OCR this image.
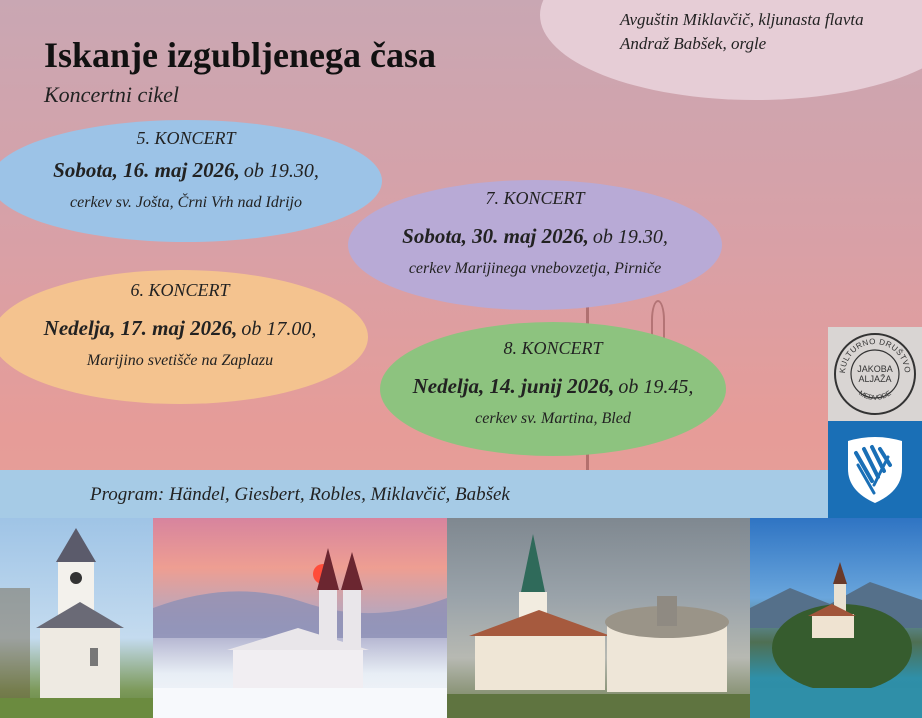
Avguštin Miklavčič, kljunasta flavta
Andraž Babšek, orgle
Iskanje izgubljenega časa
Koncertni cikel
5. KONCERT
Sobota, 16. maj 2026, ob 19.30,
cerkev sv. Jošta, Črni Vrh nad Idrijo	7. KONCERT
Sobota, 30. maj 2026, ob 19.30,
cerkev Marijinega vnebovzetja, Pirniče
6. KONCERT
Nedelja, 17. maj 2026, ob 17.00,
Marijino svetišče na Zaplazu
8. KONCERT
Nedelja, 14. junij 2026, ob 19.45,
cerkev sv. Martina, Bled
Program: Händel, Giesbert, Robles, Miklavčič, Babšek
KULTURNO DRUŠTVO
JAKOBA
ALJAŽA
MEDVODE
